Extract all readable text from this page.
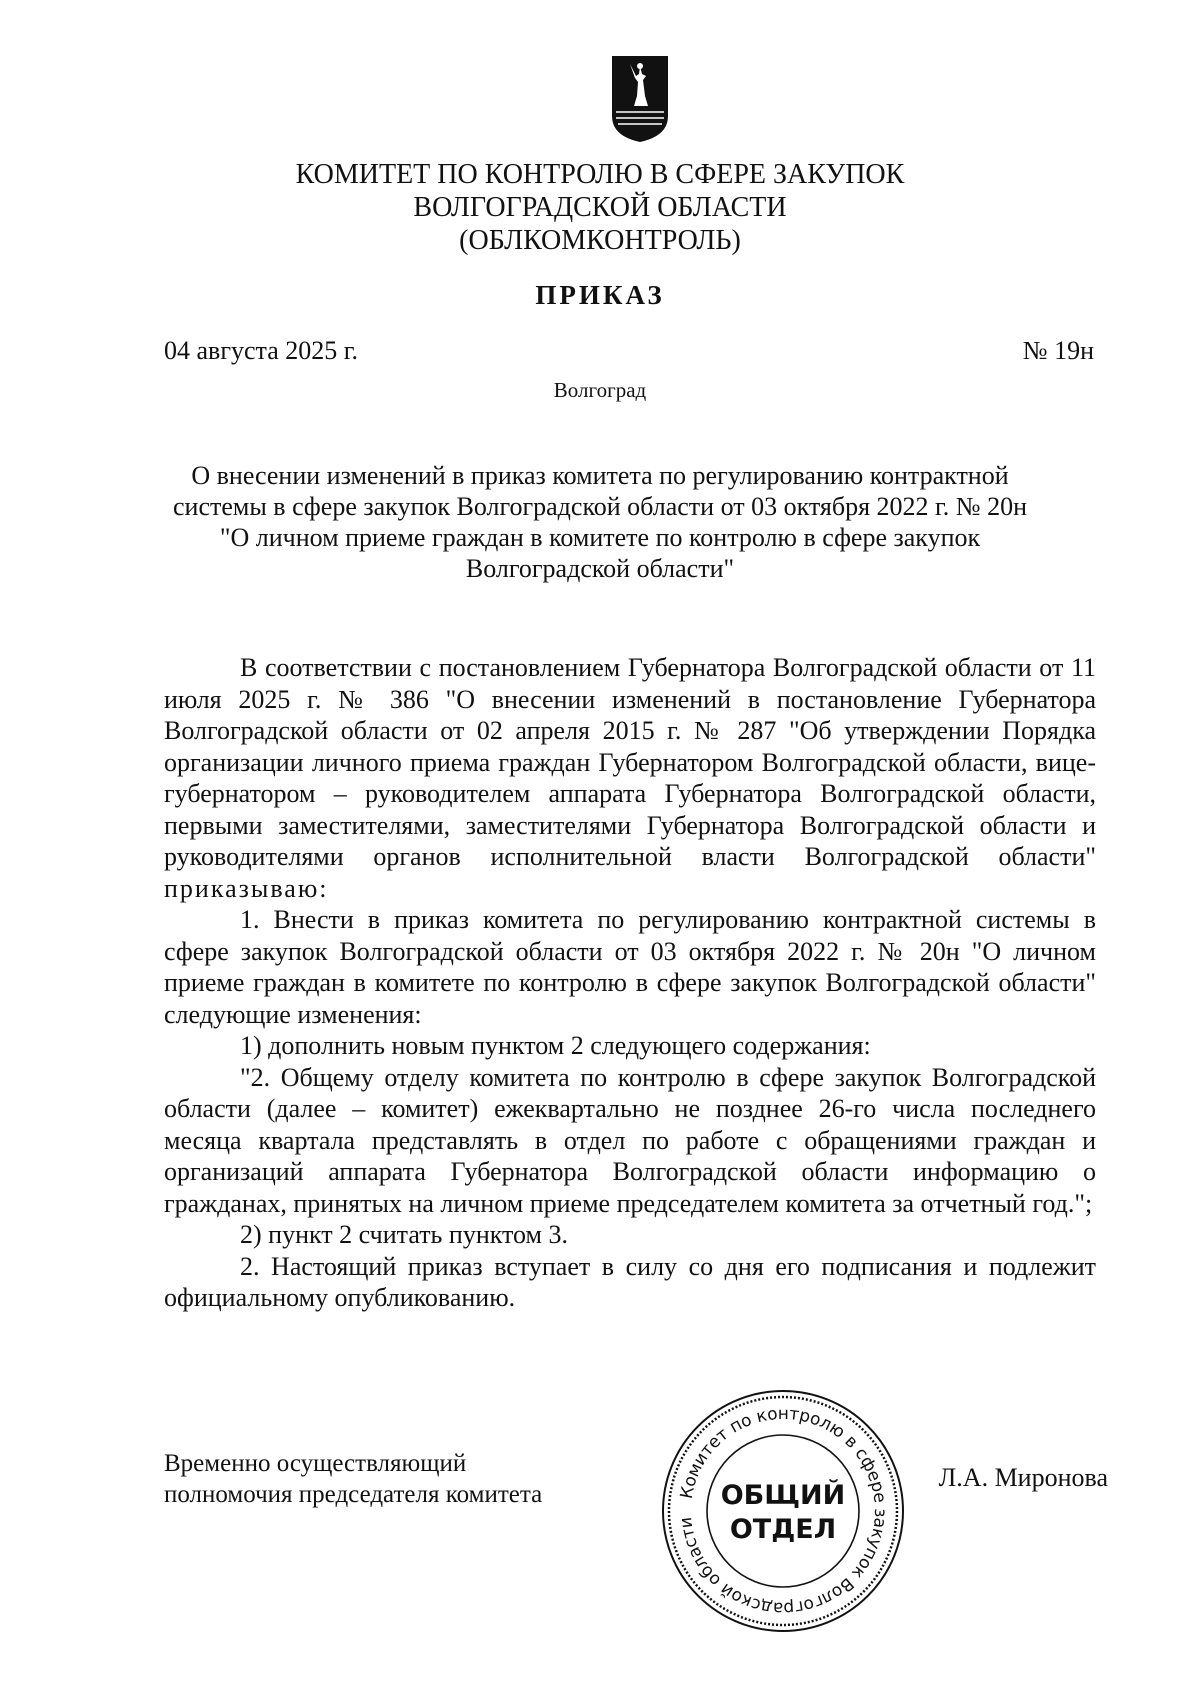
КОМИТЕТ ПО КОНТРОЛЮ В СФЕРЕ ЗАКУПОК
ВОЛГОГРАДСКОЙ ОБЛАСТИ
(ОБЛКОМКОНТРОЛЬ)
ПРИКАЗ
04 августа 2025 г.	№ 19н
Волгоград
О внесении изменений в приказ комитета по регулированию контрактной
системы в сфере закупок Волгоградской области от 03 октября 2022 г. № 20н
"О личном приеме граждан в комитете по контролю в сфере закупок
Волгоградской области"

В соответствии с постановлением Губернатора Волгоградской области от 11 июля 2025 г. № 386 "О внесении изменений в постановление Губернатора Волгоградской области от 02 апреля 2015 г. № 287 "Об утверждении Порядка организации личного приема граждан Губернатором Волгоградской области, вице-губернатором – руководителем аппарата Губернатора Волгоградской области, первыми заместителями, заместителями Губернатора Волгоградской области и руководителями органов исполнительной власти Волгоградской области" приказываю:

1. Внести в приказ комитета по регулированию контрактной системы в сфере закупок Волгоградской области от 03 октября 2022 г. № 20н "О личном приеме граждан в комитете по контролю в сфере закупок Волгоградской области" следующие изменения:

1) дополнить новым пунктом 2 следующего содержания:

"2. Общему отделу комитета по контролю в сфере закупок Волгоградской области (далее – комитет) ежеквартально не позднее 26-го числа последнего месяца квартала представлять в отдел по работе с обращениями граждан и организаций аппарата Губернатора Волгоградской области информацию о гражданах, принятых на личном приеме председателем комитета за отчетный год.";

2) пункт 2 считать пунктом 3.

2. Настоящий приказ вступает в силу со дня его подписания и подлежит официальному опубликованию.

Временно осуществляющий
полномочия председателя комитета	Комитет по контролю в сфере закупок Волгоградской области
ОБЩИЙ
ОТДЕЛ
Л.А. Миронова
